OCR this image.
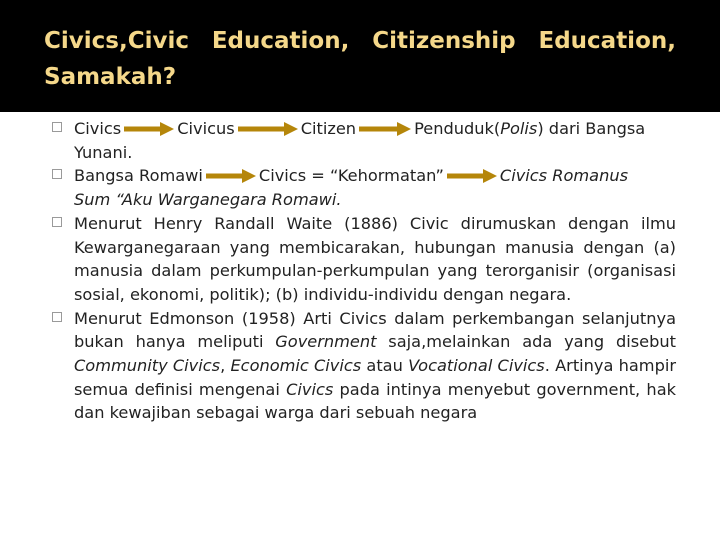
Civics,Civic Education, Citizenship Education,
Samakah?
Civics	Civicus	Citizen	Penduduk(Polis) dari Bangsa
Yunani.
Bangsa Romawi	Civics = “Kehormatan”	Civics Romanus
Sum “Aku Warganegara Romawi.
Menurut Henry Randall Waite (1886) Civic dirumuskan dengan ilmu Kewarganegaraan yang membicarakan, hubungan manusia dengan (a) manusia dalam perkumpulan-perkumpulan yang terorganisir (organisasi sosial, ekonomi, politik); (b) individu-individu dengan negara.
Menurut Edmonson (1958) Arti Civics dalam perkembangan selanjutnya bukan hanya meliputi Government saja,melainkan ada yang disebut Community Civics, Economic Civics atau Vocational Civics. Artinya hampir semua definisi mengenai Civics pada intinya menyebut government, hak dan kewajiban sebagai warga dari sebuah negara
